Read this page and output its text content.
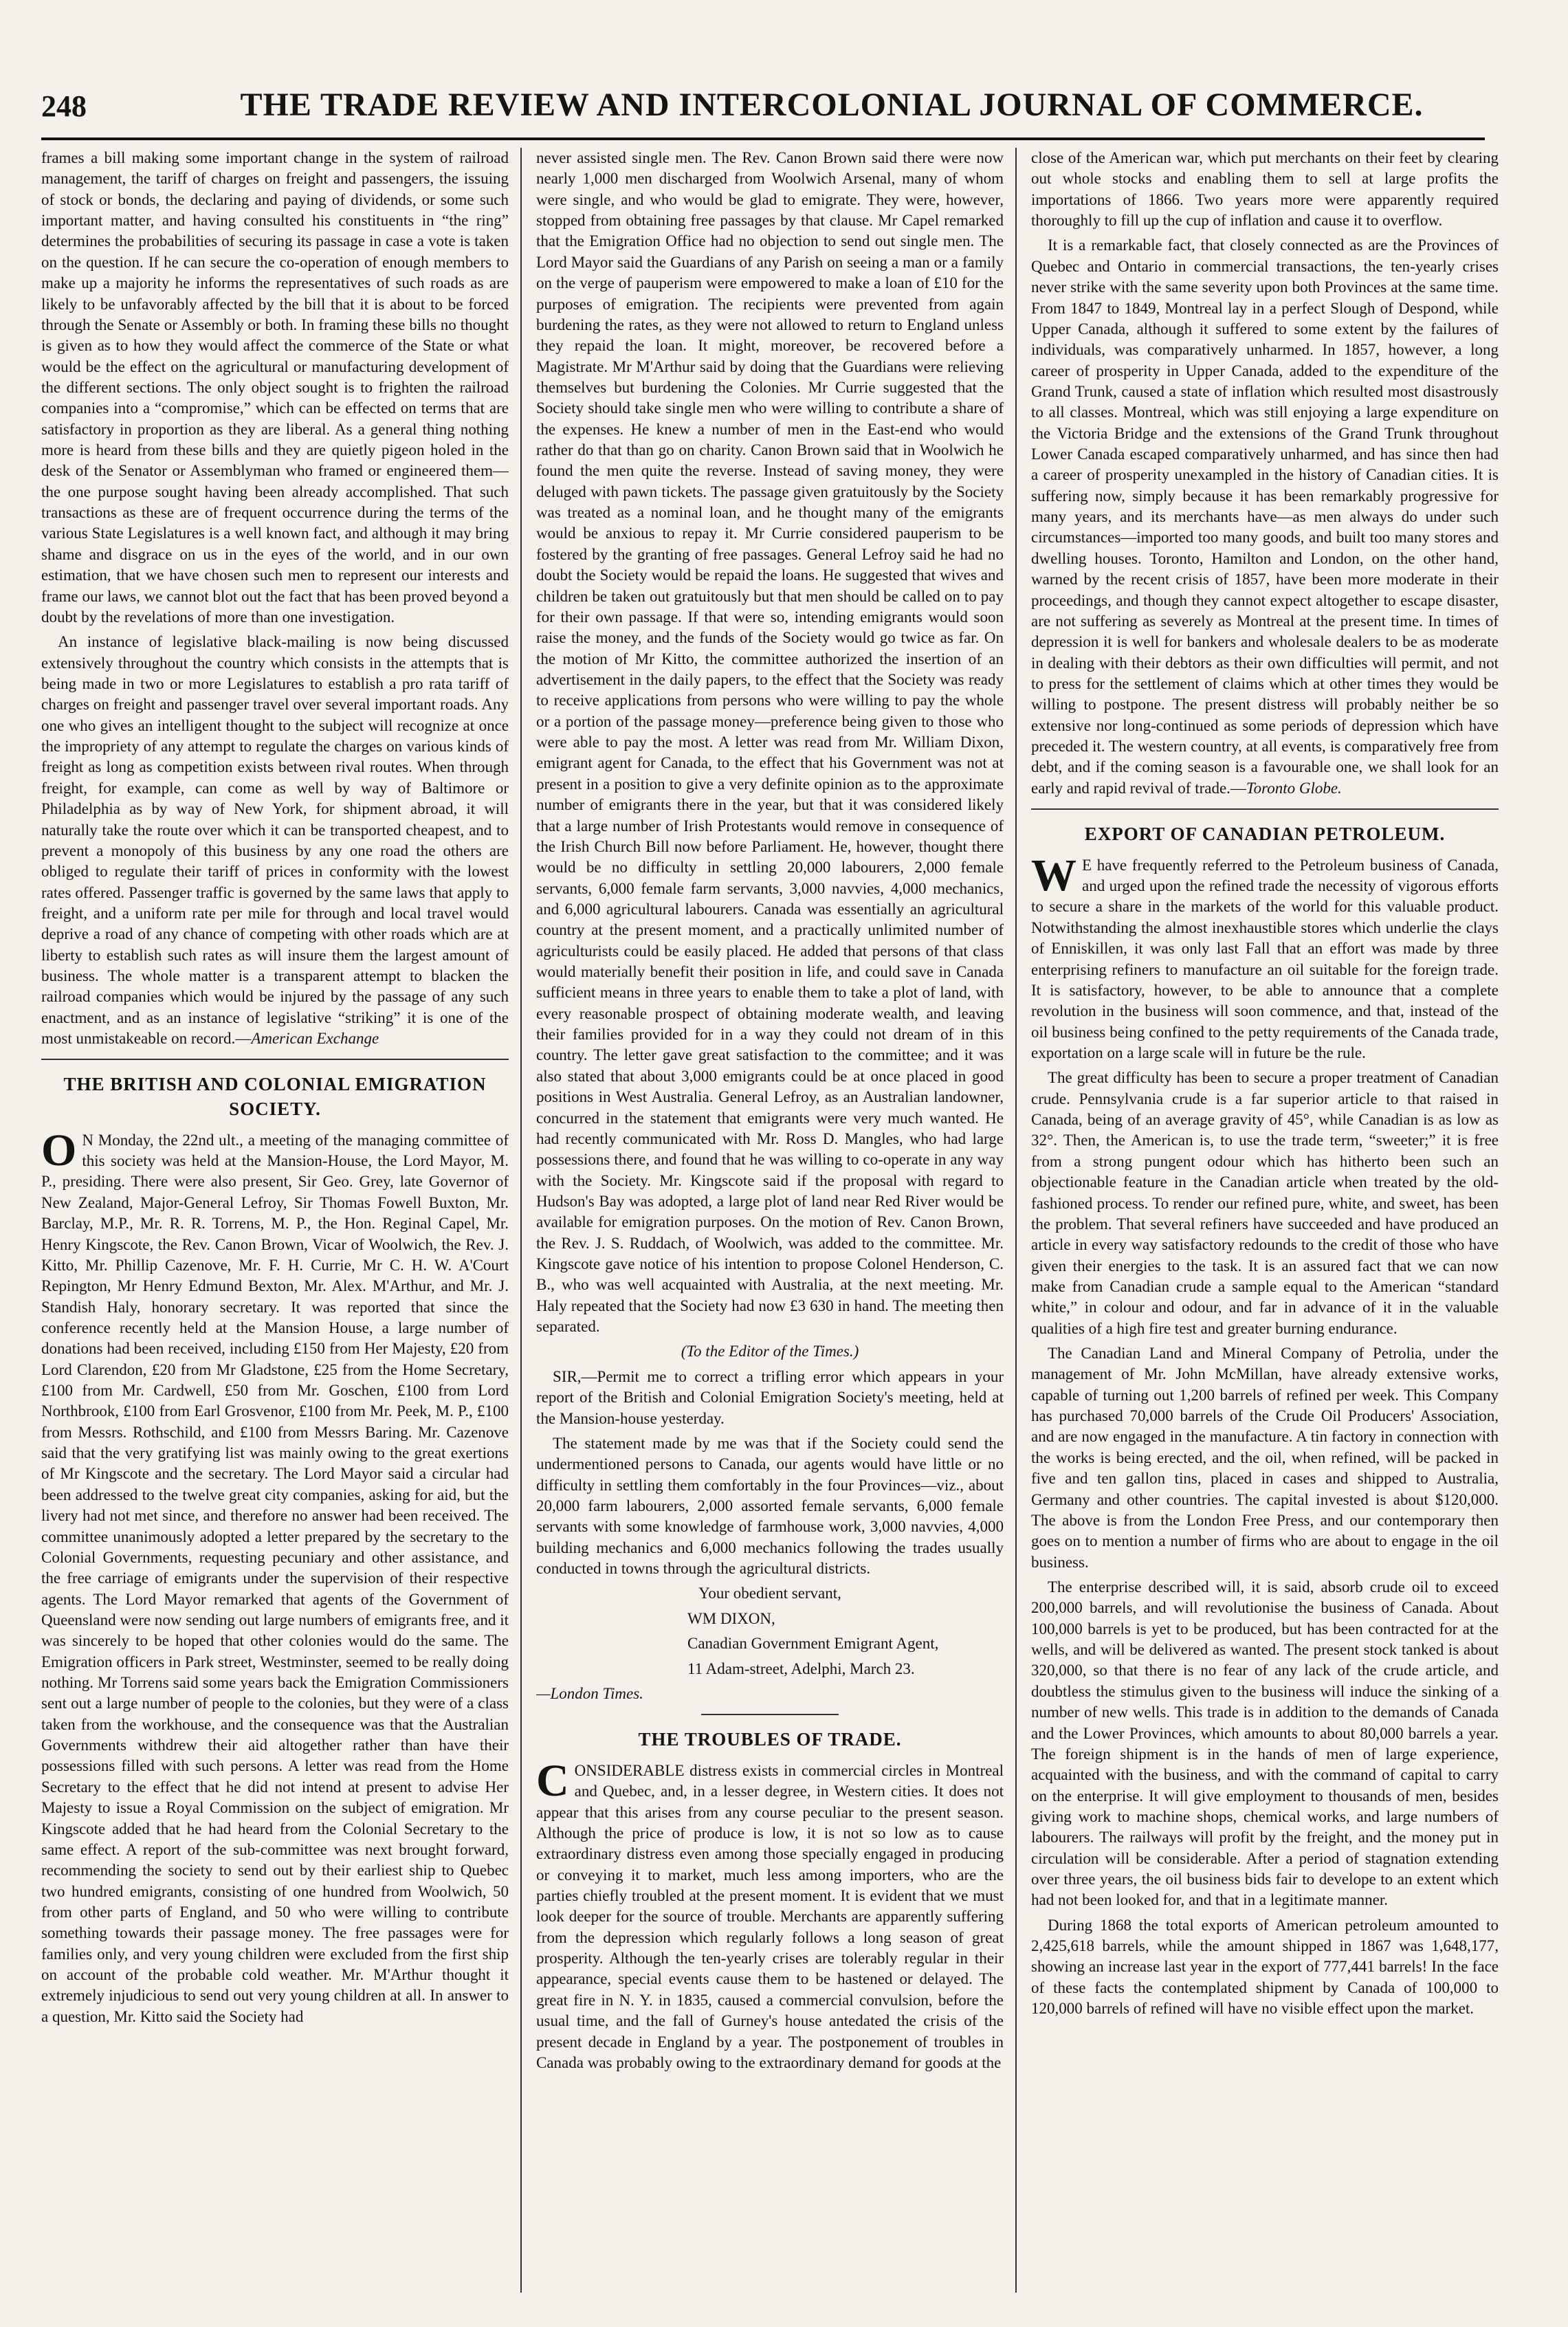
248	THE TRADE REVIEW AND INTERCOLONIAL JOURNAL OF COMMERCE.

frames a bill making some important change in the system of railroad management, the tariff of charges on freight and passengers, the issuing of stock or bonds, the declaring and paying of dividends, or some such important matter, and having consulted his constituents in “the ring” determines the probabilities of securing its passage in case a vote is taken on the question. If he can secure the co-operation of enough members to make up a majority he informs the representatives of such roads as are likely to be unfavorably affected by the bill that it is about to be forced through the Senate or Assembly or both. In framing these bills no thought is given as to how they would affect the commerce of the State or what would be the effect on the agricultural or manufacturing development of the different sections. The only object sought is to frighten the railroad companies into a “compromise,” which can be effected on terms that are satisfactory in proportion as they are liberal. As a general thing nothing more is heard from these bills and they are quietly pigeon holed in the desk of the Senator or Assemblyman who framed or engineered them—the one purpose sought having been already accomplished. That such transactions as these are of frequent occurrence during the terms of the various State Legislatures is a well known fact, and although it may bring shame and disgrace on us in the eyes of the world, and in our own estimation, that we have chosen such men to represent our interests and frame our laws, we cannot blot out the fact that has been proved beyond a doubt by the revelations of more than one investigation.

An instance of legislative black-mailing is now being discussed extensively throughout the country which consists in the attempts that is being made in two or more Legislatures to establish a pro rata tariff of charges on freight and passenger travel over several important roads. Any one who gives an intelligent thought to the subject will recognize at once the impropriety of any attempt to regulate the charges on various kinds of freight as long as competition exists between rival routes. When through freight, for example, can come as well by way of Baltimore or Philadelphia as by way of New York, for shipment abroad, it will naturally take the route over which it can be transported cheapest, and to prevent a monopoly of this business by any one road the others are obliged to regulate their tariff of prices in conformity with the lowest rates offered. Passenger traffic is governed by the same laws that apply to freight, and a uniform rate per mile for through and local travel would deprive a road of any chance of competing with other roads which are at liberty to establish such rates as will insure them the largest amount of business. The whole matter is a transparent attempt to blacken the railroad companies which would be injured by the passage of any such enactment, and as an instance of legislative “striking” it is one of the most unmistakeable on record.—American Exchange

THE BRITISH AND COLONIAL EMIGRATION SOCIETY.

O N Monday, the 22nd ult., a meeting of the managing committee of this society was held at the Mansion-House, the Lord Mayor, M. P., presiding. There were also present, Sir Geo. Grey, late Governor of New Zealand, Major-General Lefroy, Sir Thomas Fowell Buxton, Mr. Barclay, M.P., Mr. R. R. Torrens, M. P., the Hon. Reginal Capel, Mr. Henry Kingscote, the Rev. Canon Brown, Vicar of Woolwich, the Rev. J. Kitto, Mr. Phillip Cazenove, Mr. F. H. Currie, Mr C. H. W. A'Court Repington, Mr Henry Edmund Bexton, Mr. Alex. M'Arthur, and Mr. J. Standish Haly, honorary secretary. It was reported that since the conference recently held at the Mansion House, a large number of donations had been received, including £150 from Her Majesty, £20 from Lord Clarendon, £20 from Mr Gladstone, £25 from the Home Secretary, £100 from Mr. Cardwell, £50 from Mr. Goschen, £100 from Lord Northbrook, £100 from Earl Grosvenor, £100 from Mr. Peek, M. P., £100 from Messrs. Rothschild, and £100 from Messrs Baring. Mr. Cazenove said that the very gratifying list was mainly owing to the great exertions of Mr Kingscote and the secretary. The Lord Mayor said a circular had been addressed to the twelve great city companies, asking for aid, but the livery had not met since, and therefore no answer had been received. The committee unanimously adopted a letter prepared by the secretary to the Colonial Governments, requesting pecuniary and other assistance, and the free carriage of emigrants under the supervision of their respective agents. The Lord Mayor remarked that agents of the Government of Queensland were now sending out large numbers of emigrants free, and it was sincerely to be hoped that other colonies would do the same. The Emigration officers in Park street, Westminster, seemed to be really doing nothing. Mr Torrens said some years back the Emigration Commissioners sent out a large number of people to the colonies, but they were of a class taken from the workhouse, and the consequence was that the Australian Governments withdrew their aid altogether rather than have their possessions filled with such persons. A letter was read from the Home Secretary to the effect that he did not intend at present to advise Her Majesty to issue a Royal Commission on the subject of emigration. Mr Kingscote added that he had heard from the Colonial Secretary to the same effect. A report of the sub-committee was next brought forward, recommending the society to send out by their earliest ship to Quebec two hundred emigrants, consisting of one hundred from Woolwich, 50 from other parts of England, and 50 who were willing to contribute something towards their passage money. The free passages were for families only, and very young children were excluded from the first ship on account of the probable cold weather. Mr. M'Arthur thought it extremely injudicious to send out very young children at all. In answer to a question, Mr. Kitto said the Society had

never assisted single men. The Rev. Canon Brown said there were now nearly 1,000 men discharged from Woolwich Arsenal, many of whom were single, and who would be glad to emigrate. They were, however, stopped from obtaining free passages by that clause. Mr Capel remarked that the Emigration Office had no objection to send out single men. The Lord Mayor said the Guardians of any Parish on seeing a man or a family on the verge of pauperism were empowered to make a loan of £10 for the purposes of emigration. The recipients were prevented from again burdening the rates, as they were not allowed to return to England unless they repaid the loan. It might, moreover, be recovered before a Magistrate. Mr M'Arthur said by doing that the Guardians were relieving themselves but burdening the Colonies. Mr Currie suggested that the Society should take single men who were willing to contribute a share of the expenses. He knew a number of men in the East-end who would rather do that than go on charity. Canon Brown said that in Woolwich he found the men quite the reverse. Instead of saving money, they were deluged with pawn tickets. The passage given gratuitously by the Society was treated as a nominal loan, and he thought many of the emigrants would be anxious to repay it. Mr Currie considered pauperism to be fostered by the granting of free passages. General Lefroy said he had no doubt the Society would be repaid the loans. He suggested that wives and children be taken out gratuitously but that men should be called on to pay for their own passage. If that were so, intending emigrants would soon raise the money, and the funds of the Society would go twice as far. On the motion of Mr Kitto, the committee authorized the insertion of an advertisement in the daily papers, to the effect that the Society was ready to receive applications from persons who were willing to pay the whole or a portion of the passage money—preference being given to those who were able to pay the most. A letter was read from Mr. William Dixon, emigrant agent for Canada, to the effect that his Government was not at present in a position to give a very definite opinion as to the approximate number of emigrants there in the year, but that it was considered likely that a large number of Irish Protestants would remove in consequence of the Irish Church Bill now before Parliament. He, however, thought there would be no difficulty in settling 20,000 labourers, 2,000 female servants, 6,000 female farm servants, 3,000 navvies, 4,000 mechanics, and 6,000 agricultural labourers. Canada was essentially an agricultural country at the present moment, and a practically unlimited number of agriculturists could be easily placed. He added that persons of that class would materially benefit their position in life, and could save in Canada sufficient means in three years to enable them to take a plot of land, with every reasonable prospect of obtaining moderate wealth, and leaving their families provided for in a way they could not dream of in this country. The letter gave great satisfaction to the committee; and it was also stated that about 3,000 emigrants could be at once placed in good positions in West Australia. General Lefroy, as an Australian landowner, concurred in the statement that emigrants were very much wanted. He had recently communicated with Mr. Ross D. Mangles, who had large possessions there, and found that he was willing to co-operate in any way with the Society. Mr. Kingscote said if the proposal with regard to Hudson's Bay was adopted, a large plot of land near Red River would be available for emigration purposes. On the motion of Rev. Canon Brown, the Rev. J. S. Ruddach, of Woolwich, was added to the committee. Mr. Kingscote gave notice of his intention to propose Colonel Henderson, C. B., who was well acquainted with Australia, at the next meeting. Mr. Haly repeated that the Society had now £3 630 in hand. The meeting then separated.

(To the Editor of the Times.)

SIR,—Permit me to correct a trifling error which appears in your report of the British and Colonial Emigration Society's meeting, held at the Mansion-house yesterday.

The statement made by me was that if the Society could send the undermentioned persons to Canada, our agents would have little or no difficulty in settling them comfortably in the four Provinces—viz., about 20,000 farm labourers, 2,000 assorted female servants, 6,000 female servants with some knowledge of farmhouse work, 3,000 navvies, 4,000 building mechanics and 6,000 mechanics following the trades usually conducted in towns through the agricultural districts.

Your obedient servant,

WM DIXON,

Canadian Government Emigrant Agent,

11 Adam-street, Adelphi, March 23.

—London Times.

THE TROUBLES OF TRADE.

CONSIDERABLE distress exists in commercial circles in Montreal and Quebec, and, in a lesser degree, in Western cities. It does not appear that this arises from any course peculiar to the present season. Although the price of produce is low, it is not so low as to cause extraordinary distress even among those specially engaged in producing or conveying it to market, much less among importers, who are the parties chiefly troubled at the present moment. It is evident that we must look deeper for the source of trouble. Merchants are apparently suffering from the depression which regularly follows a long season of great prosperity. Although the ten-yearly crises are tolerably regular in their appearance, special events cause them to be hastened or delayed. The great fire in N. Y. in 1835, caused a commercial convulsion, before the usual time, and the fall of Gurney's house antedated the crisis of the present decade in England by a year. The postponement of troubles in Canada was probably owing to the extraordinary demand for goods at the

close of the American war, which put merchants on their feet by clearing out whole stocks and enabling them to sell at large profits the importations of 1866. Two years more were apparently required thoroughly to fill up the cup of inflation and cause it to overflow.

It is a remarkable fact, that closely connected as are the Provinces of Quebec and Ontario in commercial transactions, the ten-yearly crises never strike with the same severity upon both Provinces at the same time. From 1847 to 1849, Montreal lay in a perfect Slough of Despond, while Upper Canada, although it suffered to some extent by the failures of individuals, was comparatively unharmed. In 1857, however, a long career of prosperity in Upper Canada, added to the expenditure of the Grand Trunk, caused a state of inflation which resulted most disastrously to all classes. Montreal, which was still enjoying a large expenditure on the Victoria Bridge and the extensions of the Grand Trunk throughout Lower Canada escaped comparatively unharmed, and has since then had a career of prosperity unexampled in the history of Canadian cities. It is suffering now, simply because it has been remarkably progressive for many years, and its merchants have—as men always do under such circumstances—imported too many goods, and built too many stores and dwelling houses. Toronto, Hamilton and London, on the other hand, warned by the recent crisis of 1857, have been more moderate in their proceedings, and though they cannot expect altogether to escape disaster, are not suffering as severely as Montreal at the present time. In times of depression it is well for bankers and wholesale dealers to be as moderate in dealing with their debtors as their own difficulties will permit, and not to press for the settlement of claims which at other times they would be willing to postpone. The present distress will probably neither be so extensive nor long-continued as some periods of depression which have preceded it. The western country, at all events, is comparatively free from debt, and if the coming season is a favourable one, we shall look for an early and rapid revival of trade.—Toronto Globe.

EXPORT OF CANADIAN PETROLEUM.

W E have frequently referred to the Petroleum business of Canada, and urged upon the refined trade the necessity of vigorous efforts to secure a share in the markets of the world for this valuable product. Notwithstanding the almost inexhaustible stores which underlie the clays of Enniskillen, it was only last Fall that an effort was made by three enterprising refiners to manufacture an oil suitable for the foreign trade. It is satisfactory, however, to be able to announce that a complete revolution in the business will soon commence, and that, instead of the oil business being confined to the petty requirements of the Canada trade, exportation on a large scale will in future be the rule.

The great difficulty has been to secure a proper treatment of Canadian crude. Pennsylvania crude is a far superior article to that raised in Canada, being of an average gravity of 45°, while Canadian is as low as 32°. Then, the American is, to use the trade term, “sweeter;” it is free from a strong pungent odour which has hitherto been such an objectionable feature in the Canadian article when treated by the old-fashioned process. To render our refined pure, white, and sweet, has been the problem. That several refiners have succeeded and have produced an article in every way satisfactory redounds to the credit of those who have given their energies to the task. It is an assured fact that we can now make from Canadian crude a sample equal to the American “standard white,” in colour and odour, and far in advance of it in the valuable qualities of a high fire test and greater burning endurance.

The Canadian Land and Mineral Company of Petrolia, under the management of Mr. John McMillan, have already extensive works, capable of turning out 1,200 barrels of refined per week. This Company has purchased 70,000 barrels of the Crude Oil Producers' Association, and are now engaged in the manufacture. A tin factory in connection with the works is being erected, and the oil, when refined, will be packed in five and ten gallon tins, placed in cases and shipped to Australia, Germany and other countries. The capital invested is about $120,000. The above is from the London Free Press, and our contemporary then goes on to mention a number of firms who are about to engage in the oil business.

The enterprise described will, it is said, absorb crude oil to exceed 200,000 barrels, and will revolutionise the business of Canada. About 100,000 barrels is yet to be produced, but has been contracted for at the wells, and will be delivered as wanted. The present stock tanked is about 320,000, so that there is no fear of any lack of the crude article, and doubtless the stimulus given to the business will induce the sinking of a number of new wells. This trade is in addition to the demands of Canada and the Lower Provinces, which amounts to about 80,000 barrels a year. The foreign shipment is in the hands of men of large experience, acquainted with the business, and with the command of capital to carry on the enterprise. It will give employment to thousands of men, besides giving work to machine shops, chemical works, and large numbers of labourers. The railways will profit by the freight, and the money put in circulation will be considerable. After a period of stagnation extending over three years, the oil business bids fair to develope to an extent which had not been looked for, and that in a legitimate manner.

During 1868 the total exports of American petroleum amounted to 2,425,618 barrels, while the amount shipped in 1867 was 1,648,177, showing an increase last year in the export of 777,441 barrels! In the face of these facts the contemplated shipment by Canada of 100,000 to 120,000 barrels of refined will have no visible effect upon the market.
